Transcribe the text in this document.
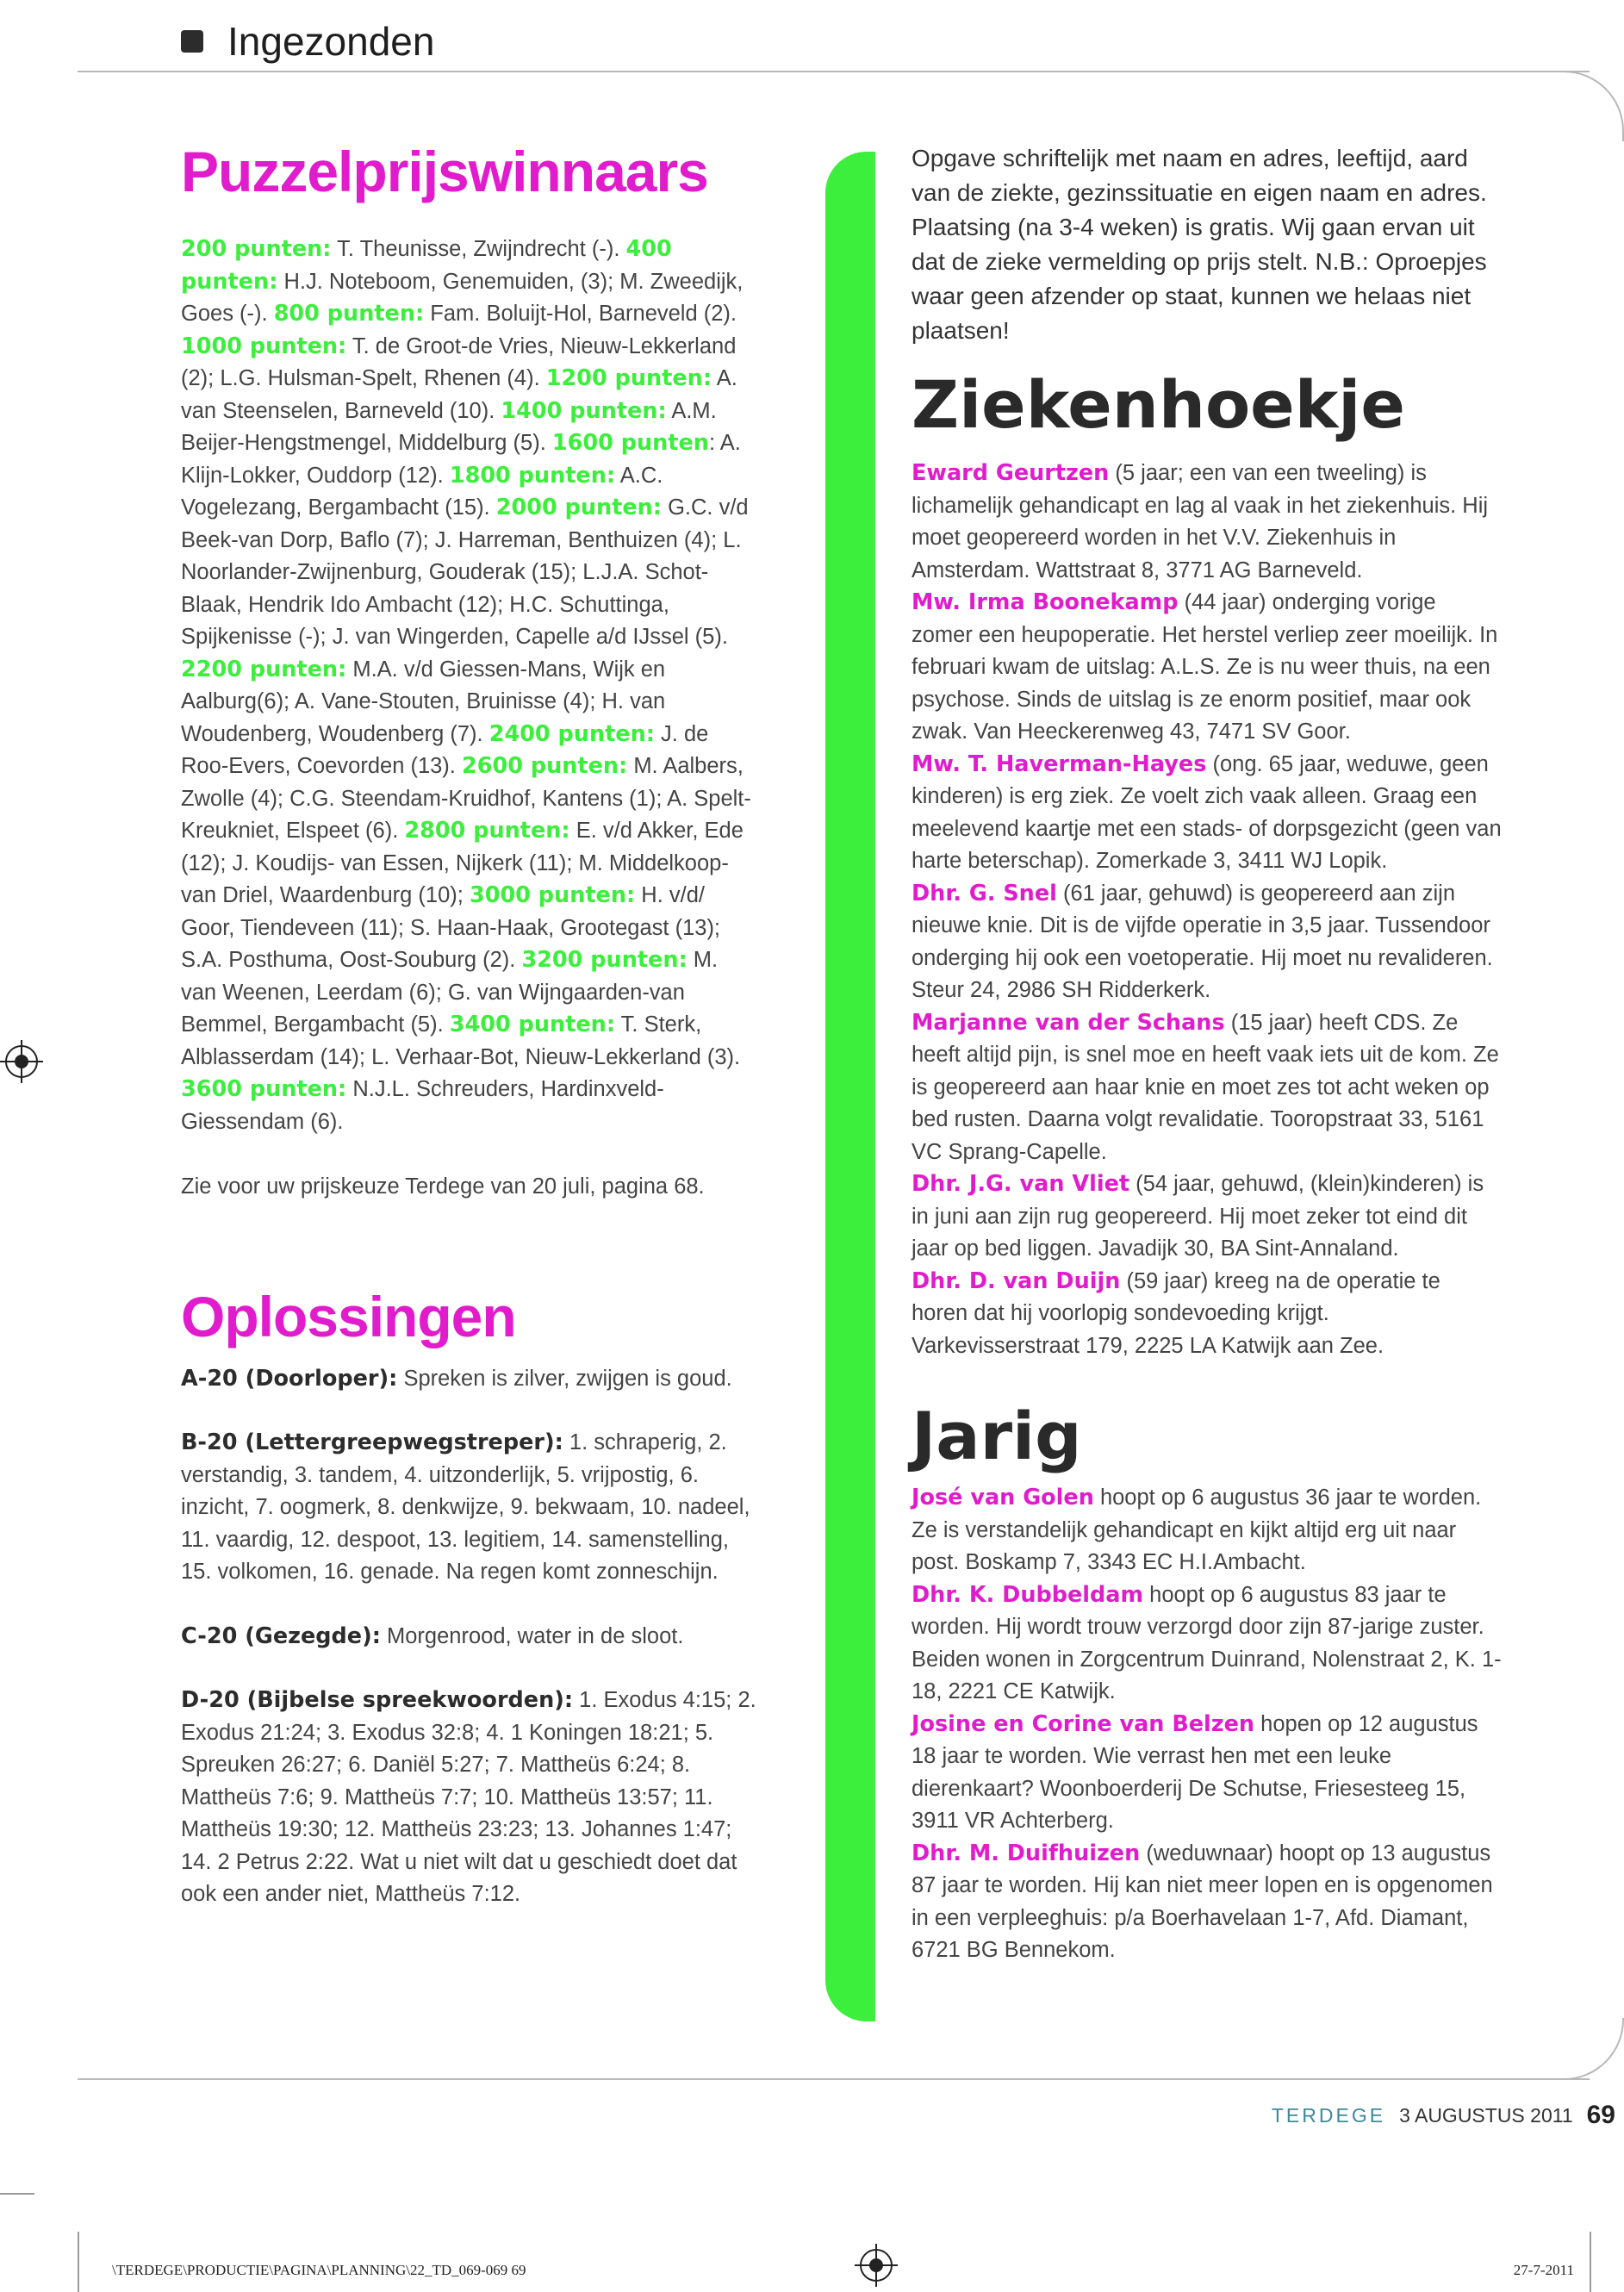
Ingezonden
Puzzelprijswinnaars

200 punten: T. Theunisse, Zwijndrecht (-). 400 punten: H.J. Noteboom, Genemuiden, (3); M. Zweedijk, Goes (-). 800 punten: Fam. Boluijt-Hol, Barneveld (2). 1000 punten: T. de Groot-de Vries, Nieuw-Lekkerland (2); L.G. Hulsman-Spelt, Rhenen (4). 1200 punten: A. van Steenselen, Barneveld (10). 1400 punten: A.M. Beijer-Hengstmengel, Middelburg (5). 1600 punten: A. Klijn-Lokker, Ouddorp (12). 1800 punten: A.C. Vogelezang, Bergambacht (15). 2000 punten: G.C. v/d Beek-van Dorp, Baflo (7); J. Harreman, Benthuizen (4); L. Noorlander-Zwijnenburg, Gouderak (15); L.J.A. Schot-Blaak, Hendrik Ido Ambacht (12); H.C. Schuttinga, Spijkenisse (-); J. van Wingerden, Capelle a/d IJssel (5). 2200 punten: M.A. v/d Giessen-Mans, Wijk en Aalburg(6); A. Vane-Stouten, Bruinisse (4); H. van Woudenberg, Woudenberg (7). 2400 punten: J. de Roo-Evers, Coevorden (13). 2600 punten: M. Aalbers, Zwolle (4); C.G. Steendam-Kruidhof, Kantens (1); A. Spelt-Kreukniet, Elspeet (6). 2800 punten: E. v/d Akker, Ede (12); J. Koudijs- van Essen, Nijkerk (11); M. Middelkoop-van Driel, Waardenburg (10); 3000 punten: H. v/d/ Goor, Tiendeveen (11); S. Haan-Haak, Grootegast (13); S.A. Posthuma, Oost-Souburg (2). 3200 punten: M. van Weenen, Leerdam (6); G. van Wijngaarden-van Bemmel, Bergambacht (5). 3400 punten: T. Sterk, Alblasserdam (14); L. Verhaar-Bot, Nieuw-Lekkerland (3). 3600 punten: N.J.L. Schreuders, Hardinxveld-Giessendam (6).

Zie voor uw prijskeuze Terdege van 20 juli, pagina 68.

Oplossingen

A-20 (Doorloper): Spreken is zilver, zwijgen is goud.

B-20 (Lettergreepwegstreper): 1. schraperig, 2. verstandig, 3. tandem, 4. uitzonderlijk, 5. vrijpostig, 6. inzicht, 7. oogmerk, 8. denkwijze, 9. bekwaam, 10. nadeel, 11. vaardig, 12. despoot, 13. legitiem, 14. samenstelling, 15. volkomen, 16. genade. Na regen komt zonneschijn.

C-20 (Gezegde): Morgenrood, water in de sloot.

D-20 (Bijbelse spreekwoorden): 1. Exodus 4:15; 2. Exodus 21:24; 3. Exodus 32:8; 4. 1 Koningen 18:21; 5. Spreuken 26:27; 6. Daniël 5:27; 7. Mattheüs 6:24; 8. Mattheüs 7:6; 9. Mattheüs 7:7; 10. Mattheüs 13:57; 11. Mattheüs 19:30; 12. Mattheüs 23:23; 13. Johannes 1:47; 14. 2 Petrus 2:22. Wat u niet wilt dat u geschiedt doet dat ook een ander niet, Mattheüs 7:12.

Opgave schriftelijk met naam en adres, leeftijd, aard van de ziekte, gezinssituatie en eigen naam en adres. Plaatsing (na 3-4 weken) is gratis. Wij gaan ervan uit dat de zieke vermelding op prijs stelt. N.B.: Oproepjes waar geen afzender op staat, kunnen we helaas niet plaatsen!

Ziekenhoekje

Eward Geurtzen (5 jaar; een van een tweeling) is lichamelijk gehandicapt en lag al vaak in het ziekenhuis. Hij moet geopereerd worden in het V.V. Ziekenhuis in Amsterdam. Wattstraat 8, 3771 AG Barneveld.

Mw. Irma Boonekamp (44 jaar) onderging vorige zomer een heupoperatie. Het herstel verliep zeer moeilijk. In februari kwam de uitslag: A.L.S. Ze is nu weer thuis, na een psychose. Sinds de uitslag is ze enorm positief, maar ook zwak. Van Heeckerenweg 43, 7471 SV Goor.

Mw. T. Haverman-Hayes (ong. 65 jaar, weduwe, geen kinderen) is erg ziek. Ze voelt zich vaak alleen. Graag een meelevend kaartje met een stads- of dorpsgezicht (geen van harte beterschap). Zomerkade 3, 3411 WJ Lopik.

Dhr. G. Snel (61 jaar, gehuwd) is geopereerd aan zijn nieuwe knie. Dit is de vijfde operatie in 3,5 jaar. Tussendoor onderging hij ook een voetoperatie. Hij moet nu revalideren. Steur 24, 2986 SH Ridderkerk.

Marjanne van der Schans (15 jaar) heeft CDS. Ze heeft altijd pijn, is snel moe en heeft vaak iets uit de kom. Ze is geopereerd aan haar knie en moet zes tot acht weken op bed rusten. Daarna volgt revalidatie. Tooropstraat 33, 5161 VC Sprang-Capelle.

Dhr. J.G. van Vliet (54 jaar, gehuwd, (klein)kinderen) is in juni aan zijn rug geopereerd. Hij moet zeker tot eind dit jaar op bed liggen. Javadijk 30, BA Sint-Annaland.

Dhr. D. van Duijn (59 jaar) kreeg na de operatie te horen dat hij voorlopig sondevoeding krijgt. Varkevisserstraat 179, 2225 LA Katwijk aan Zee.

Jarig

José van Golen hoopt op 6 augustus 36 jaar te worden. Ze is verstandelijk gehandicapt en kijkt altijd erg uit naar post. Boskamp 7, 3343 EC H.I.Ambacht.

Dhr. K. Dubbeldam hoopt op 6 augustus 83 jaar te worden. Hij wordt trouw verzorgd door zijn 87-jarige zuster. Beiden wonen in Zorgcentrum Duinrand, Nolenstraat 2, K. 1-18, 2221 CE Katwijk.

Josine en Corine van Belzen hopen op 12 augustus 18 jaar te worden. Wie verrast hen met een leuke dierenkaart? Woonboerderij De Schutse, Friesesteeg 15, 3911 VR Achterberg.

Dhr. M. Duifhuizen (weduwnaar) hoopt op 13 augustus 87 jaar te worden. Hij kan niet meer lopen en is opgenomen in een verpleeghuis: p/a Boerhavelaan 1-7, Afd. Diamant, 6721 BG Bennekom.

TERDEGE 3 AUGUSTUS 2011 69
\TERDEGE\PRODUCTIE\PAGINA\PLANNING\22_TD_069-069 69	27-7-2011
